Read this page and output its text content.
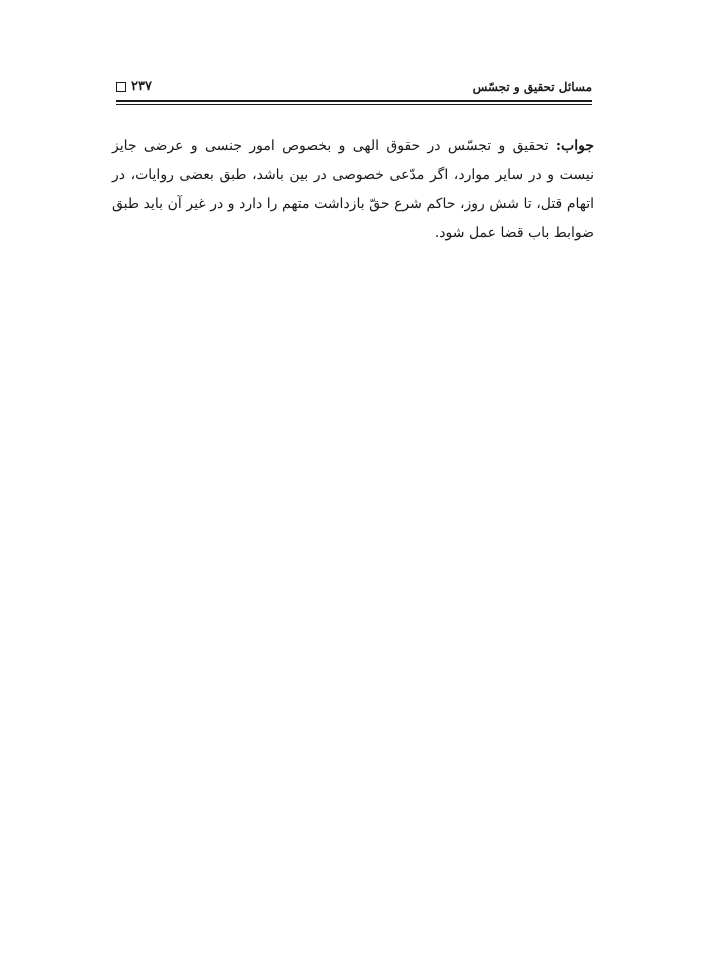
مسائل تحقیق و تجسّس
۲۳۷

جواب: تحقیق و تجسّس در حقوق الهی و بخصوص امور جنسی و عرضی جایز نیست و در سایر موارد، اگر مدّعی خصوصی در بین باشد، طبق بعضی روایات، در اتهام قتل، تا شش روز، حاکم شرع حقّ بازداشت متهم را دارد و در غیر آن باید طبق ضوابط باب قضا عمل شود.
